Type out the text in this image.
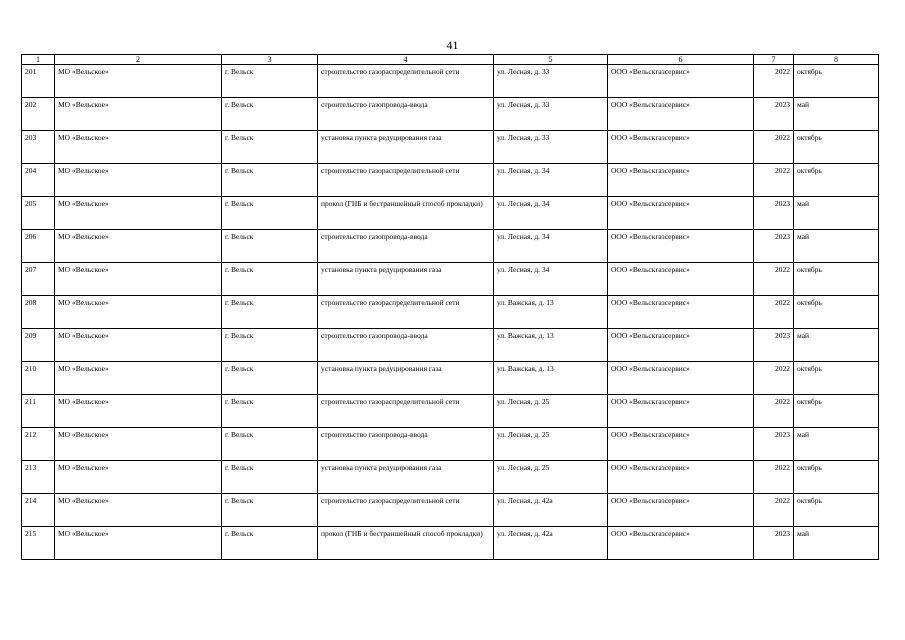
41
1	2	3	4	5	6	7	8
201	МО «Вельское»	г. Вельск	строительство газораспределительной сети	ул. Лесная, д. 33	ООО «Вельскгазсервис»	2022	октябрь
202	МО «Вельское»	г. Вельск	строительство газопровода-ввода	ул. Лесная, д. 33	ООО «Вельскгазсервис»	2023	май
203	МО «Вельское»	г. Вельск	установка пункта редуцирования газа	ул. Лесная, д. 33	ООО «Вельскгазсервис»	2022	октябрь
204	МО «Вельское»	г. Вельск	строительство газораспределительной сети	ул. Лесная, д. 34	ООО «Вельскгазсервис»	2022	октябрь
205	МО «Вельское»	г. Вельск	прокол (ГНБ и бестраншейный способ прокладки)	ул. Лесная, д. 34	ООО «Вельскгазсервис»	2023	май
206	МО «Вельское»	г. Вельск	строительство газопровода-ввода	ул. Лесная, д. 34	ООО «Вельскгазсервис»	2023	май
207	МО «Вельское»	г. Вельск	установка пункта редуцирования газа	ул. Лесная, д. 34	ООО «Вельскгазсервис»	2022	октябрь
208	МО «Вельское»	г. Вельск	строительство газораспределительной сети	ул. Важская, д. 13	ООО «Вельскгазсервис»	2022	октябрь
209	МО «Вельское»	г. Вельск	строительство газопровода-ввода	ул. Важская, д. 13	ООО «Вельскгазсервис»	2023	май
210	МО «Вельское»	г. Вельск	установка пункта редуцирования газа	ул. Важская, д. 13	ООО «Вельскгазсервис»	2022	октябрь
211	МО «Вельское»	г. Вельск	строительство газораспределительной сети	ул. Лесная, д. 25	ООО «Вельскгазсервис»	2022	октябрь
212	МО «Вельское»	г. Вельск	строительство газопровода-ввода	ул. Лесная, д. 25	ООО «Вельскгазсервис»	2023	май
213	МО «Вельское»	г. Вельск	установка пункта редуцирования газа	ул. Лесная, д. 25	ООО «Вельскгазсервис»	2022	октябрь
214	МО «Вельское»	г. Вельск	строительство газораспределительной сети	ул. Лесная, д. 42а	ООО «Вельскгазсервис»	2022	октябрь
215	МО «Вельское»	г. Вельск	прокол (ГНБ и бестраншейный способ прокладки)	ул. Лесная, д. 42а	ООО «Вельскгазсервис»	2023	май
